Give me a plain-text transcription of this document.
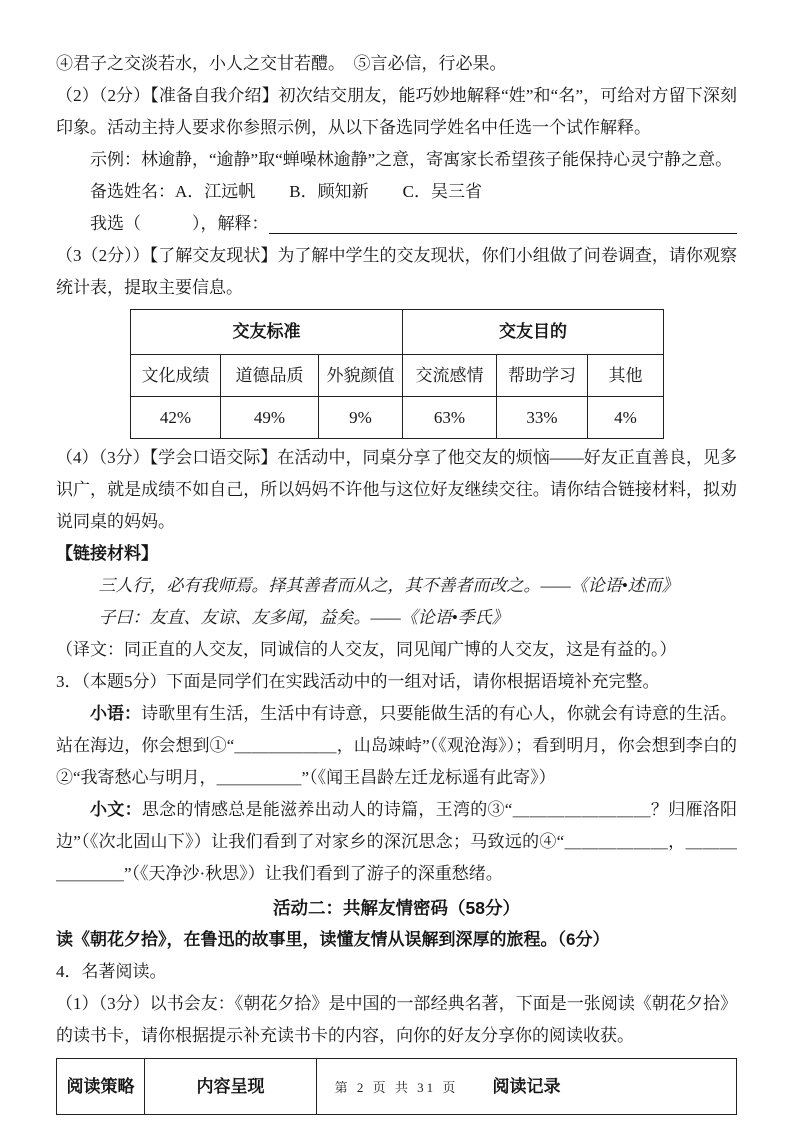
④君子之交淡若水，小人之交甘若醴。　⑤言必信，行必果。

（2）（2分）【准备自我介绍】初次结交朋友，能巧妙地解释“姓”和“名”，可给对方留下深刻印象。活动主持人要求你参照示例，从以下备选同学姓名中任选一个试作解释。

示例：林逾静，“逾静”取“蝉噪林逾静”之意，寄寓家长希望孩子能保持心灵宁静之意。

备选姓名：A．江远帆　　B．顾知新　　C．吴三省

我选（　　　），解释：

（3（2分））【了解交友现状】为了解中学生的交友现状，你们小组做了问卷调查，请你观察统计表，提取主要信息。

交友标准			交友目的		
文化成绩	道德品质	外貌颜值	交流感情	帮助学习	其他
42%	49%	9%	63%	33%	4%

（4）（3分）【学会口语交际】在活动中，同桌分享了他交友的烦恼——好友正直善良，见多识广，就是成绩不如自己，所以妈妈不许他与这位好友继续交往。请你结合链接材料，拟劝说同桌的妈妈。

【链接材料】

三人行，必有我师焉。择其善者而从之，其不善者而改之。——《论语•述而》

子曰：友直、友谅、友多闻，益矣。——《论语•季氏》

（译文：同正直的人交友，同诚信的人交友，同见闻广博的人交友，这是有益的。）

3．（本题5分）下面是同学们在实践活动中的一组对话，请你根据语境补充完整。

小语：诗歌里有生活，生活中有诗意，只要能做生活的有心人，你就会有诗意的生活。站在海边，你会想到①“＿＿＿＿＿＿，山岛竦峙”（《观沧海》）；看到明月，你会想到李白的②“我寄愁心与明月，＿＿＿＿＿”（《闻王昌龄左迁龙标遥有此寄》）

小文：思念的情感总是能滋养出动人的诗篇，王湾的③“＿＿＿＿＿＿＿＿？归雁洛阳边”（《次北固山下》）让我们看到了对家乡的深沉思念；马致远的④“＿＿＿＿＿＿，＿＿＿＿＿＿＿”（《天净沙·秋思》）让我们看到了游子的深重愁绪。

活动二：共解友情密码（58分）

读《朝花夕拾》，在鲁迅的故事里，读懂友情从误解到深厚的旅程。（6分）

4．名著阅读。

（1）（3分）以书会友：《朝花夕拾》是中国的一部经典名著，下面是一张阅读《朝花夕拾》的读书卡，请你根据提示补充读书卡的内容，向你的好友分享你的阅读收获。

阅读策略	内容呈现	阅读记录
第 2 页 共 31 页
